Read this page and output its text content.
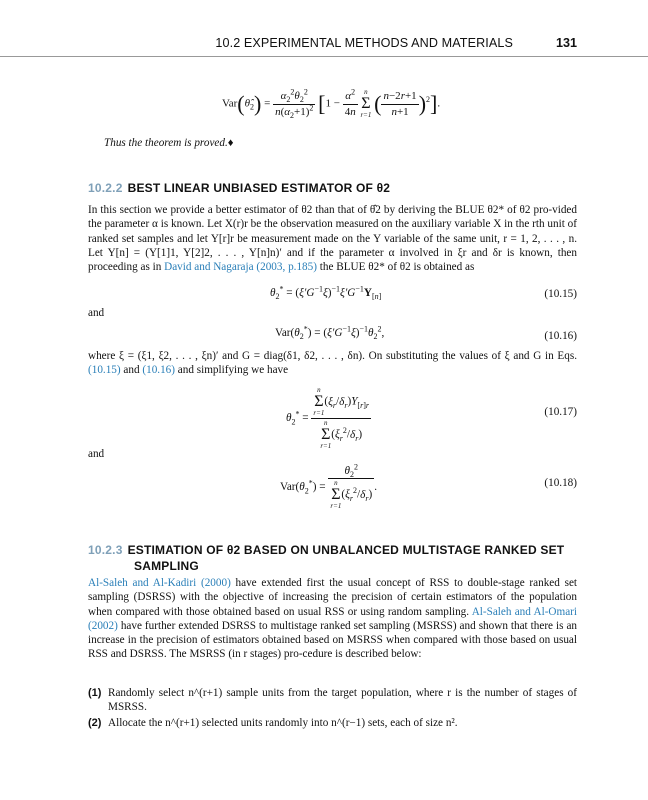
10.2 EXPERIMENTAL METHODS AND MATERIALS	131
$Var(\thetâ_2) = \frac{\alpha_2^2\theta_2^2}{n(\alpha_2+1)^2} [1 - \frac{\alpha^2}{4n}$
n
Σ
r=1 ( $\frac{n-2r+1}{n+1} )^2$].
Thus the theorem is proved.♦
10.2.2 BEST LINEAR UNBIASED ESTIMATOR OF θ2
In this section we provide a better estimator of θ2 than that of θ̂2 by deriving the BLUE θ2* of θ2 pro-vided the parameter α is known. Let X(r)r be the observation measured on the auxiliary variable X in the rth unit of ranked set samples and let Y[r]r be measurement made on the Y variable of the same unit, r = 1, 2, . . . , n. Let Y[n] = (Y[1]1, Y[2]2, . . . , Y[n]n)′ and if the parameter α involved in ξr and δr is known, then proceeding as in David and Nagaraja (2003, p.185) the BLUE θ2* of θ2 is obtained as
$\theta_2^* = (\xi'G^{-1}\xi)^{-1}\xi'G^{-1}Y_{[n]}$	(10.15)
and
$Var(\theta_2^*) = (\xi'G^{-1}\xi)^{-1}\theta_2^2$,	(10.16)
where ξ = (ξ1, ξ2, . . . , ξn)′ and G = diag(δ1, δ2, . . . , δn). On substituting the values of ξ and G in Eqs. (10.15) and (10.16) and simplifying we have
$\theta_2^* = n$
Σ
r=1
$(\xi_r/\delta_r)Y_{[r]r}$
n
Σ
r=1
$(\xi_r^2/\delta_r)$	(10.17)
and
$Var(\theta_2^*) = \theta_2^2$
n
Σ
r=1
$(\xi_r^2/\delta_r)$ .	(10.18)
10.2.3 ESTIMATION OF θ2 BASED ON UNBALANCED MULTISTAGE RANKED SET
SAMPLING
Al-Saleh and Al-Kadiri (2000) have extended first the usual concept of RSS to double-stage ranked set sampling (DSRSS) with the objective of increasing the precision of certain estimators of the population when compared with those obtained based on usual RSS or using random sampling. Al-Saleh and Al-Omari (2002) have further extended DSRSS to multistage ranked set sampling (MSRSS) and shown that there is an increase in the precision of estimators obtained based on MSRSS when compared with those based on usual RSS and DSRSS. The MSRSS (in r stages) pro-cedure is described below:
(1) Randomly select n^(r+1) sample units from the target population, where r is the number of stages of MSRSS.
(2) Allocate the n^(r+1) selected units randomly into n^(r−1) sets, each of size n².
